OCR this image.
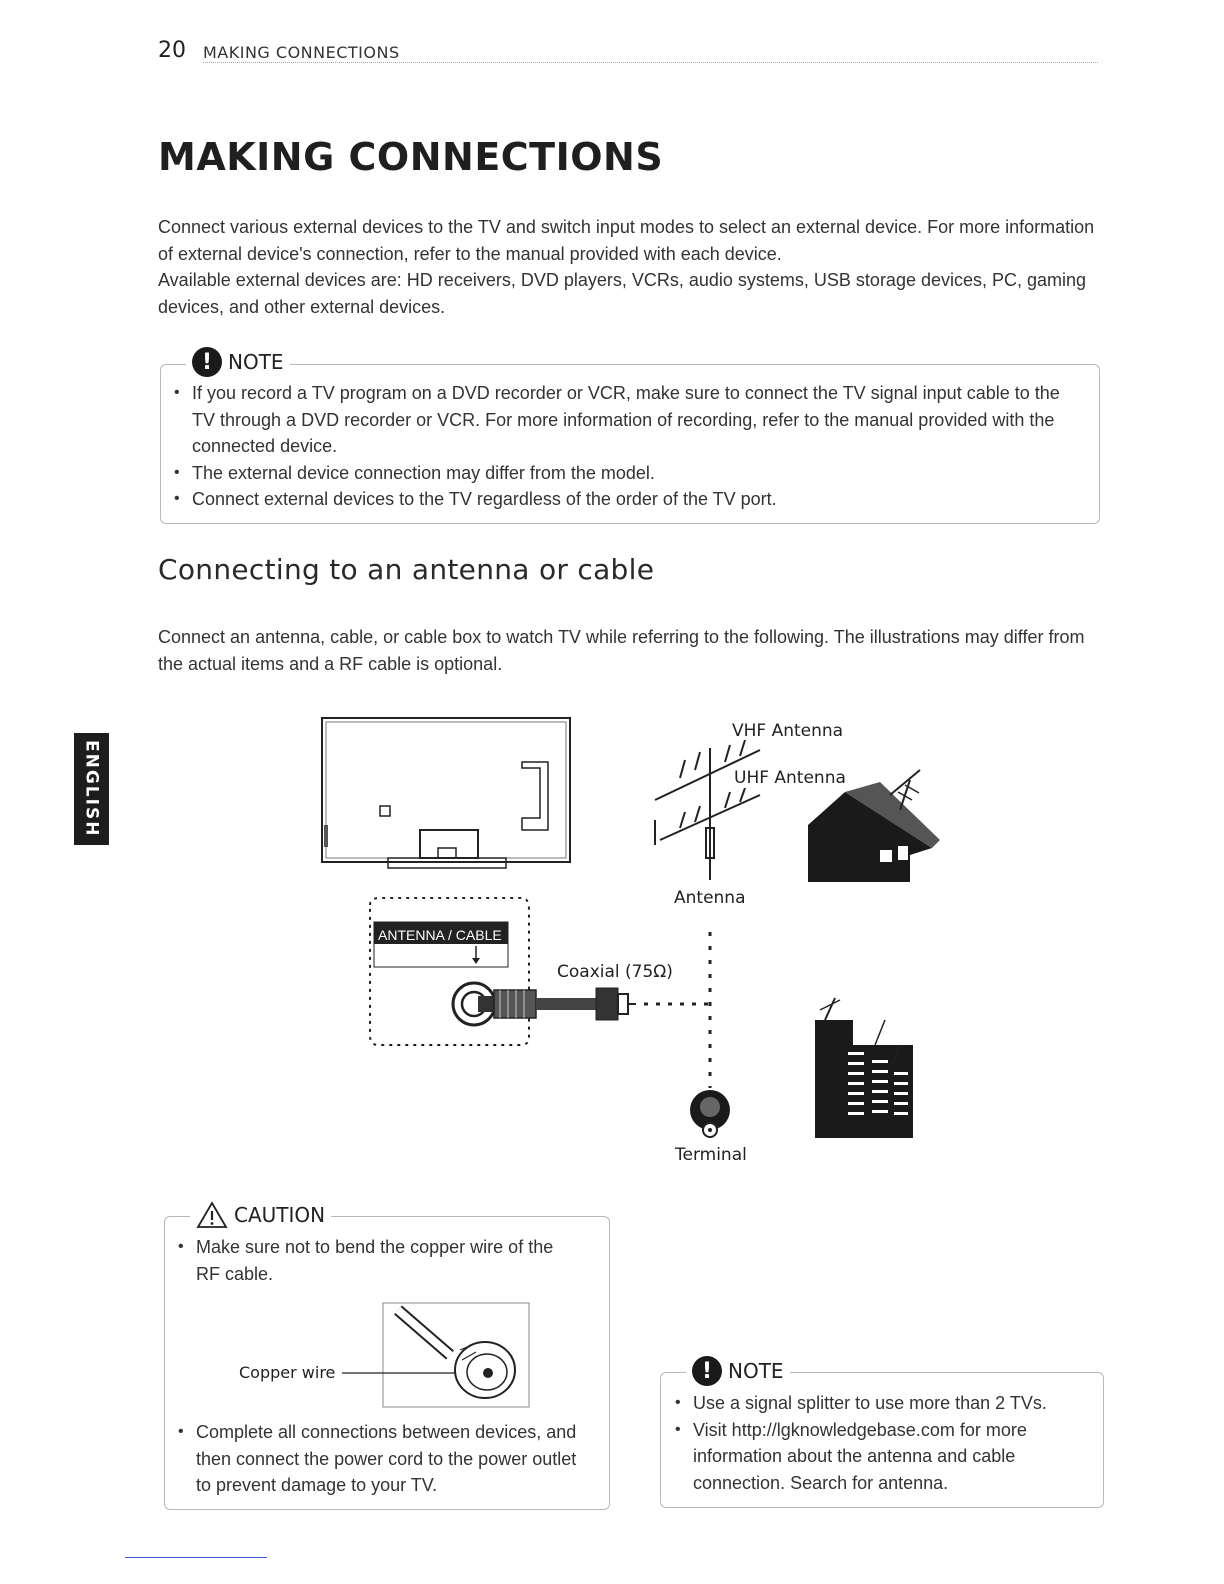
20 MAKING CONNECTIONS
MAKING CONNECTIONS
Connect various external devices to the TV and switch input modes to select an external device. For more information of external device's connection, refer to the manual provided with each device.
Available external devices are: HD receivers, DVD players, VCRs, audio systems, USB storage devices, PC, gaming devices, and other external devices.
! NOTE
• If you record a TV program on a DVD recorder or VCR, make sure to connect the TV signal input cable to the TV through a DVD recorder or VCR. For more information of recording, refer to the manual provided with the connected device.
• The external device connection may differ from the model.
• Connect external devices to the TV regardless of the order of the TV port.
Connecting to an antenna or cable
Connect an antenna, cable, or cable box to watch TV while referring to the following. The illustrations may differ from the actual items and a RF cable is optional.
ENGLISH
ANTENNA / CABLE
VHF Antenna
UHF Antenna
Antenna
Coaxial (75Ω)
Terminal
CAUTION
• Make sure not to bend the copper wire of the RF cable.
Copper wire
• Complete all connections between devices, and then connect the power cord to the power outlet to prevent damage to your TV.
! NOTE
• Use a signal splitter to use more than 2 TVs.
• Visit http://lgknowledgebase.com for more information about the antenna and cable connection. Search for antenna.
